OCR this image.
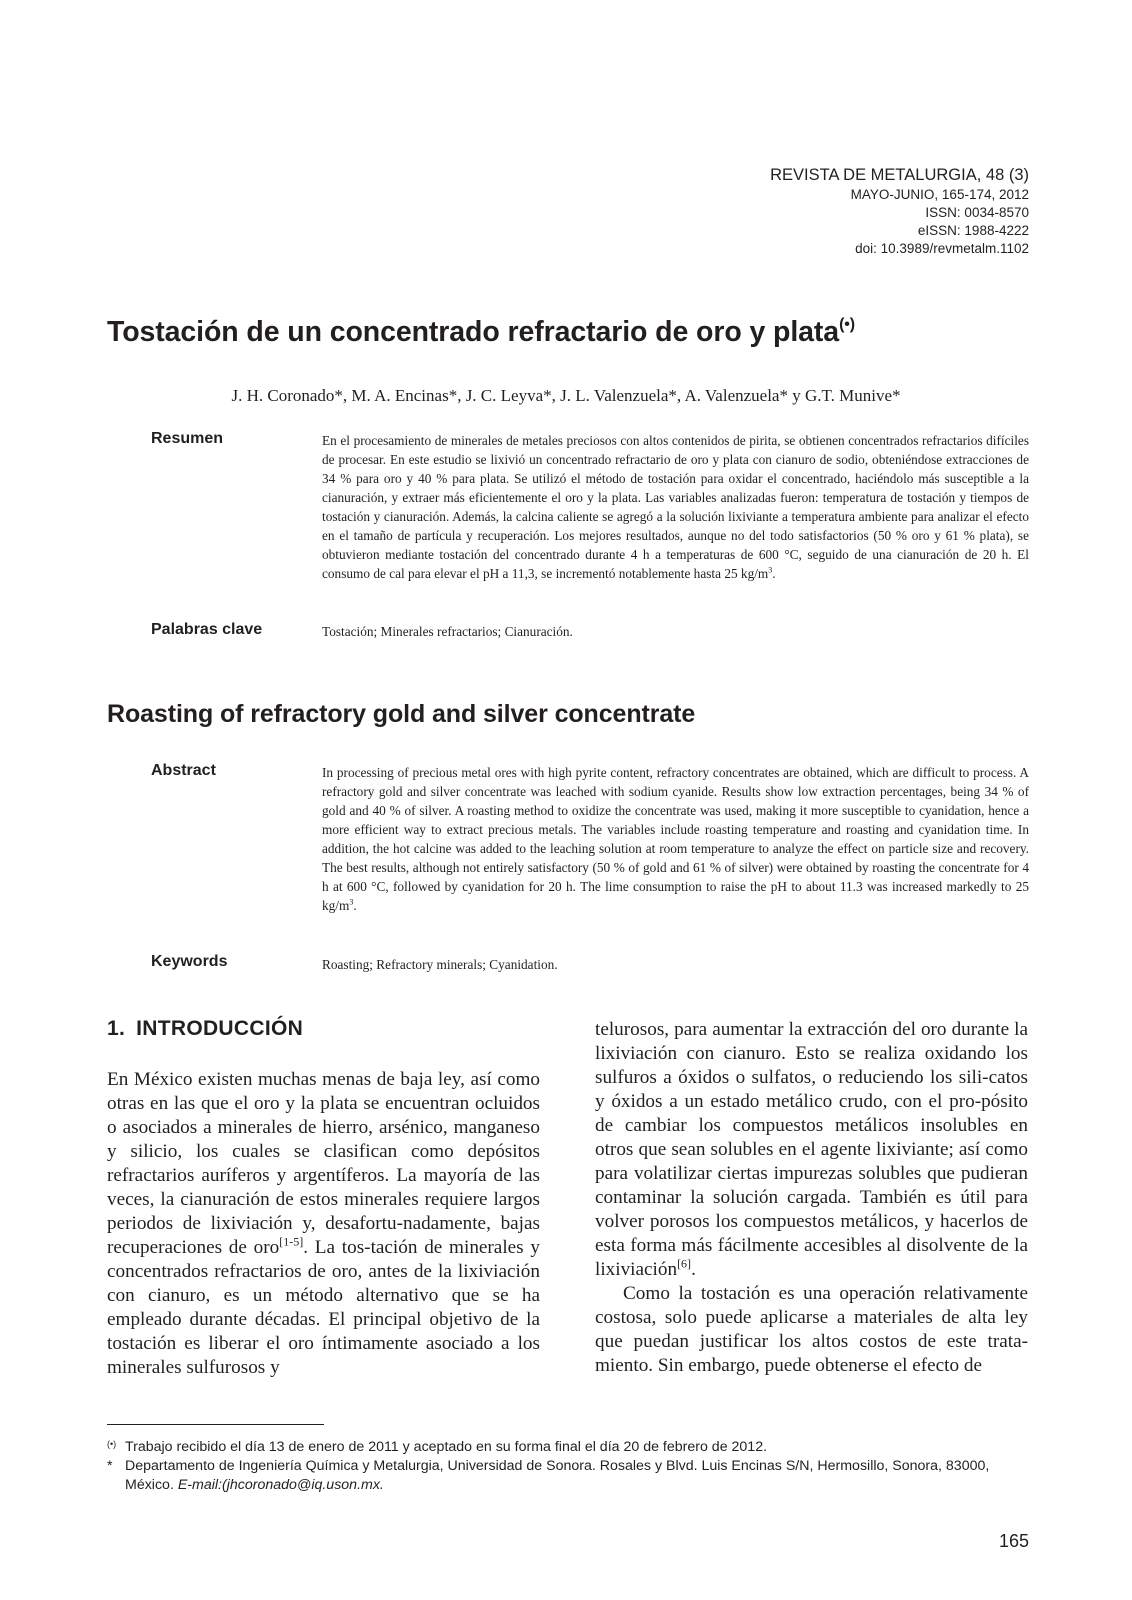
REVISTA DE METALURGIA, 48 (3)
MAYO-JUNIO, 165-174, 2012
ISSN: 0034-8570
eISSN: 1988-4222
doi: 10.3989/revmetalm.1102
Tostación de un concentrado refractario de oro y plata(•)
J. H. Coronado*, M. A. Encinas*, J. C. Leyva*, J. L. Valenzuela*, A. Valenzuela* y G.T. Munive*
Resumen	En el procesamiento de minerales de metales preciosos con altos contenidos de pirita, se obtienen concentrados refractarios difíciles de procesar. En este estudio se lixivió un concentrado refractario de oro y plata con cianuro de sodio, obteniéndose extracciones de 34 % para oro y 40 % para plata. Se utilizó el método de tostación para oxidar el concentrado, haciéndolo más susceptible a la cianuración, y extraer más eficientemente el oro y la plata. Las variables analizadas fueron: temperatura de tostación y tiempos de tostación y cianuración. Además, la calcina caliente se agregó a la solución lixiviante a temperatura ambiente para analizar el efecto en el tamaño de partícula y recuperación. Los mejores resultados, aunque no del todo satisfactorios (50 % oro y 61 % plata), se obtuvieron mediante tostación del concentrado durante 4 h a temperaturas de 600 °C, seguido de una cianuración de 20 h. El consumo de cal para elevar el pH a 11,3, se incrementó notablemente hasta 25 $kg/m^3$.

Palabras clave	Tostación; Minerales refractarios; Cianuración.

Roasting of refractory gold and silver concentrate
Abstract	In processing of precious metal ores with high pyrite content, refractory concentrates are obtained, which are difficult to process. A refractory gold and silver concentrate was leached with sodium cyanide. Results show low extraction percentages, being 34 % of gold and 40 % of silver. A roasting method to oxidize the concentrate was used, making it more susceptible to cyanidation, hence a more efficient way to extract precious metals. The variables include roasting temperature and roasting and cyanidation time. In addition, the hot calcine was added to the leaching solution at room temperature to analyze the effect on particle size and recovery. The best results, although not entirely satisfactory (50 % of gold and 61 % of silver) were obtained by roasting the concentrate for 4 h at 600 °C, followed by cyanidation for 20 h. The lime consumption to raise the pH to about 11.3 was increased markedly to 25 $kg/m^3$.

Keywords	Roasting; Refractory minerals; Cyanidation.

1. INTRODUCCIÓN

En México existen muchas menas de baja ley, así como otras en las que el oro y la plata se encuentran ocluidos o asociados a minerales de hierro, arsénico, manganeso y silicio, los cuales se clasifican como depósitos refractarios auríferos y argentíferos. La mayoría de las veces, la cianuración de estos minerales requiere largos periodos de lixiviación y, desafortu-nadamente, bajas recuperaciones de oro[1-5]. La tos-tación de minerales y concentrados refractarios de oro, antes de la lixiviación con cianuro, es un método alternativo que se ha empleado durante décadas. El principal objetivo de la tostación es liberar el oro íntimamente asociado a los minerales sulfurosos y

telurosos, para aumentar la extracción del oro durante la lixiviación con cianuro. Esto se realiza oxidando los sulfuros a óxidos o sulfatos, o reduciendo los sili-catos y óxidos a un estado metálico crudo, con el pro-pósito de cambiar los compuestos metálicos insolubles en otros que sean solubles en el agente lixiviante; así como para volatilizar ciertas impurezas solubles que pudieran contaminar la solución cargada. También es útil para volver porosos los compuestos metálicos, y hacerlos de esta forma más fácilmente accesibles al disolvente de la lixiviación[6].

Como la tostación es una operación relativamente costosa, solo puede aplicarse a materiales de alta ley que puedan justificar los altos costos de este tratamiento. Sin embargo, puede obtenerse el efecto de

(•) Trabajo recibido el día 13 de enero de 2011 y aceptado en su forma final el día 20 de febrero de 2012.
* Departamento de Ingeniería Química y Metalurgia, Universidad de Sonora. Rosales y Blvd. Luis Encinas S/N, Hermosillo, Sonora, 83000, México. E-mail:(jhcoronado@iq.uson.mx.
165
